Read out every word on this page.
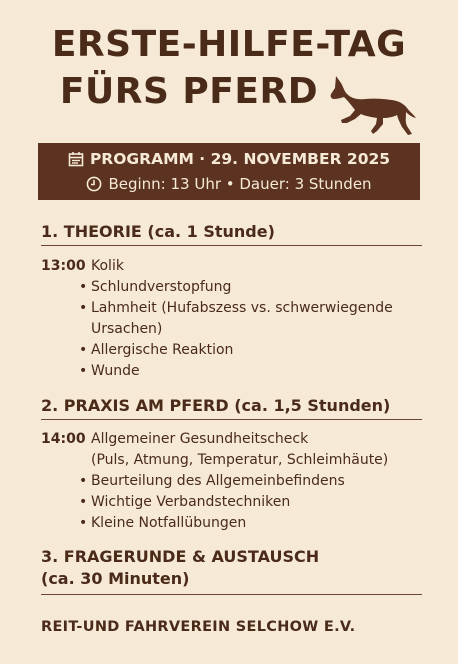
ERSTE-HILFE-TAG
FÜRS PFERD
PROGRAMM · 29. NOVEMBER 2025
Beginn: 13 Uhr • Dauer: 3 Stunden
1. THEORIE (ca. 1 Stunde)
13:00 Kolik
• Schlundverstopfung
• Lahmheit (Hufabszess vs. schwerwiegende
Ursachen)
• Allergische Reaktion
• Wunde
2. PRAXIS AM PFERD (ca. 1,5 Stunden)
14:00 Allgemeiner Gesundheitscheck
(Puls, Atmung, Temperatur, Schleimhäute)
• Beurteilung des Allgemeinbefindens
• Wichtige Verbandstechniken
• Kleine Notfallübungen
3. FRAGERUNDE & AUSTAUSCH
(ca. 30 Minuten)
REIT-UND FAHRVEREIN SELCHOW E.V.
